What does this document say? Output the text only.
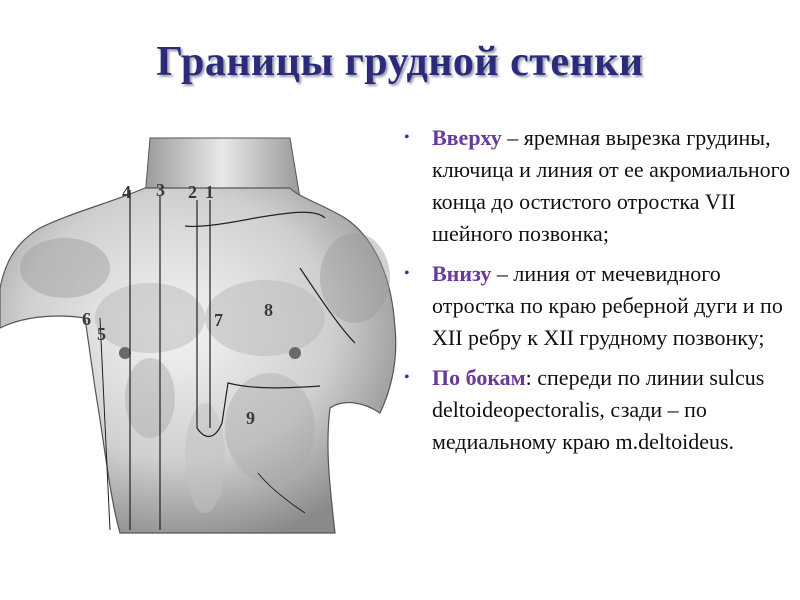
Границы грудной стенки
1
2
3
4
5
6	7 8
9
• Вверху – яремная вырезка грудины, ключица и линия от ее акромиального конца до остистого отростка VII шейного позвонка;
• Внизу – линия от мечевидного отростка по краю реберной дуги и по XII ребру к XII грудному позвонку;
• По бокам: спереди по линии sulcus deltoideopectoralis, сзади – по медиальному краю m.deltoideus.
